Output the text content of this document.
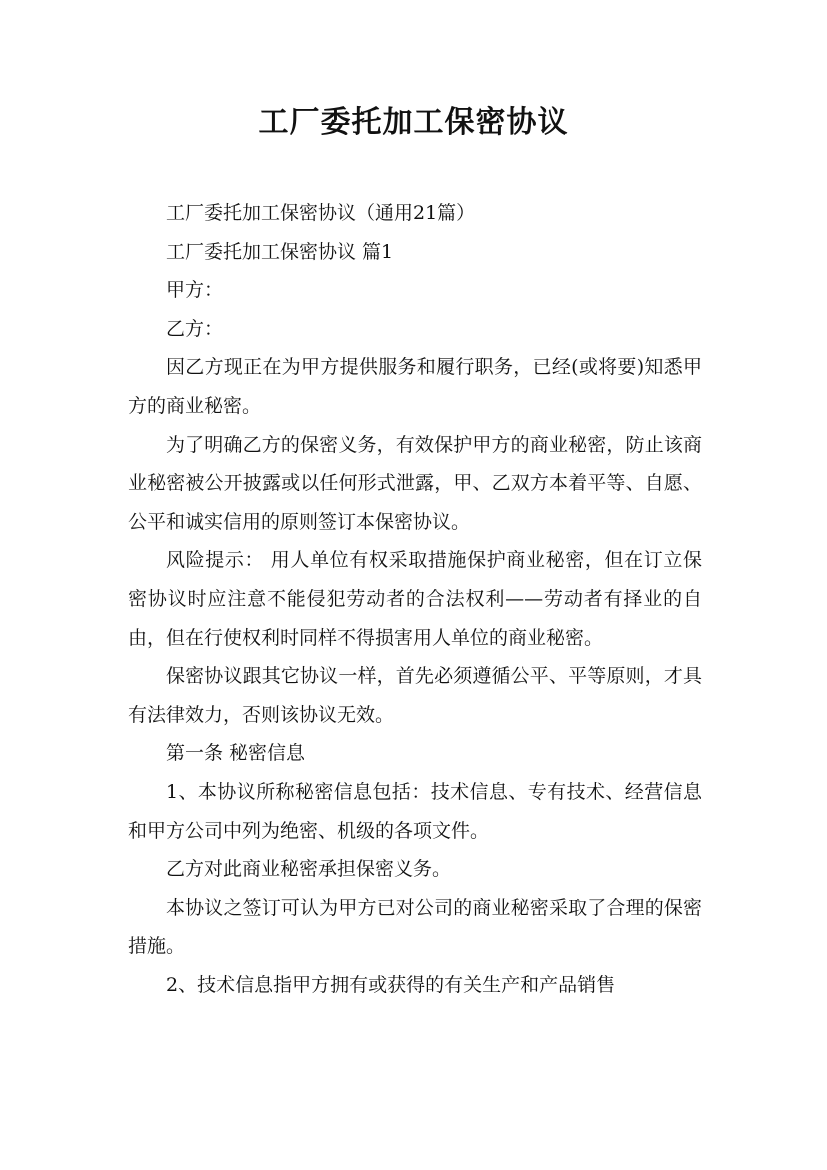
工厂委托加工保密协议

工厂委托加工保密协议（通用21篇）

工厂委托加工保密协议 篇1

甲方：

乙方：

因乙方现正在为甲方提供服务和履行职务，已经(或将要)知悉甲方的商业秘密。

为了明确乙方的保密义务，有效保护甲方的商业秘密，防止该商业秘密被公开披露或以任何形式泄露，甲、乙双方本着平等、自愿、公平和诚实信用的原则签订本保密协议。

风险提示： 用人单位有权采取措施保护商业秘密，但在订立保密协议时应注意不能侵犯劳动者的合法权利——劳动者有择业的自由，但在行使权利时同样不得损害用人单位的商业秘密。

保密协议跟其它协议一样，首先必须遵循公平、平等原则，才具有法律效力，否则该协议无效。

第一条 秘密信息

1、本协议所称秘密信息包括：技术信息、专有技术、经营信息和甲方公司中列为绝密、机级的各项文件。

乙方对此商业秘密承担保密义务。

本协议之签订可认为甲方已对公司的商业秘密采取了合理的保密措施。

2、技术信息指甲方拥有或获得的有关生产和产品销售
